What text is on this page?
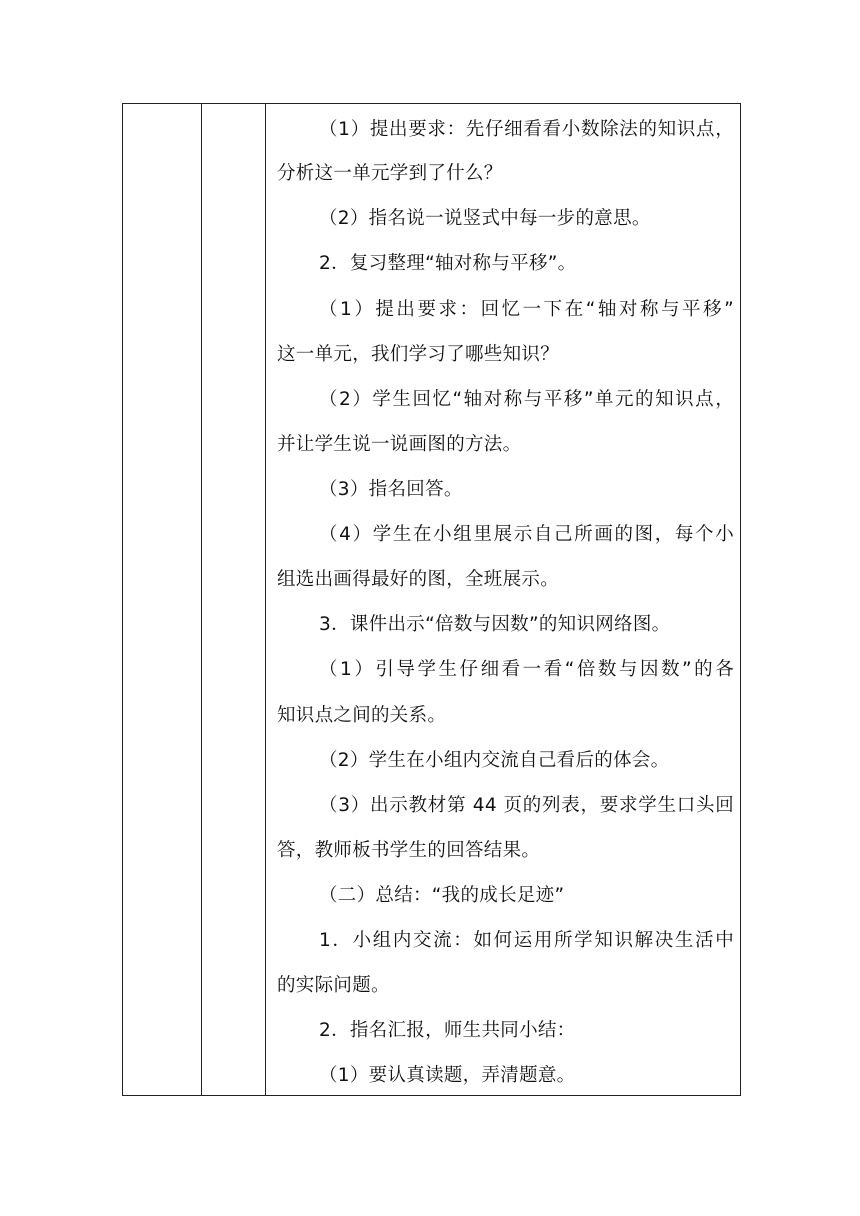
（1）提出要求：先仔细看看小数除法的知识点，
分析这一单元学到了什么？
（2）指名说一说竖式中每一步的意思。
2．复习整理“轴对称与平移”。
（1）提出要求：回忆一下在“轴对称与平移”
这一单元，我们学习了哪些知识？
（2）学生回忆“轴对称与平移”单元的知识点，
并让学生说一说画图的方法。
（3）指名回答。
（4）学生在小组里展示自己所画的图，每个小
组选出画得最好的图，全班展示。
3．课件出示“倍数与因数”的知识网络图。
（1）引导学生仔细看一看“倍数与因数”的各
知识点之间的关系。
（2）学生在小组内交流自己看后的体会。
（3）出示教材第 44 页的列表，要求学生口头回
答，教师板书学生的回答结果。
（二）总结：“我的成长足迹”
1．小组内交流：如何运用所学知识解决生活中
的实际问题。
2．指名汇报，师生共同小结：
（1）要认真读题，弄清题意。
